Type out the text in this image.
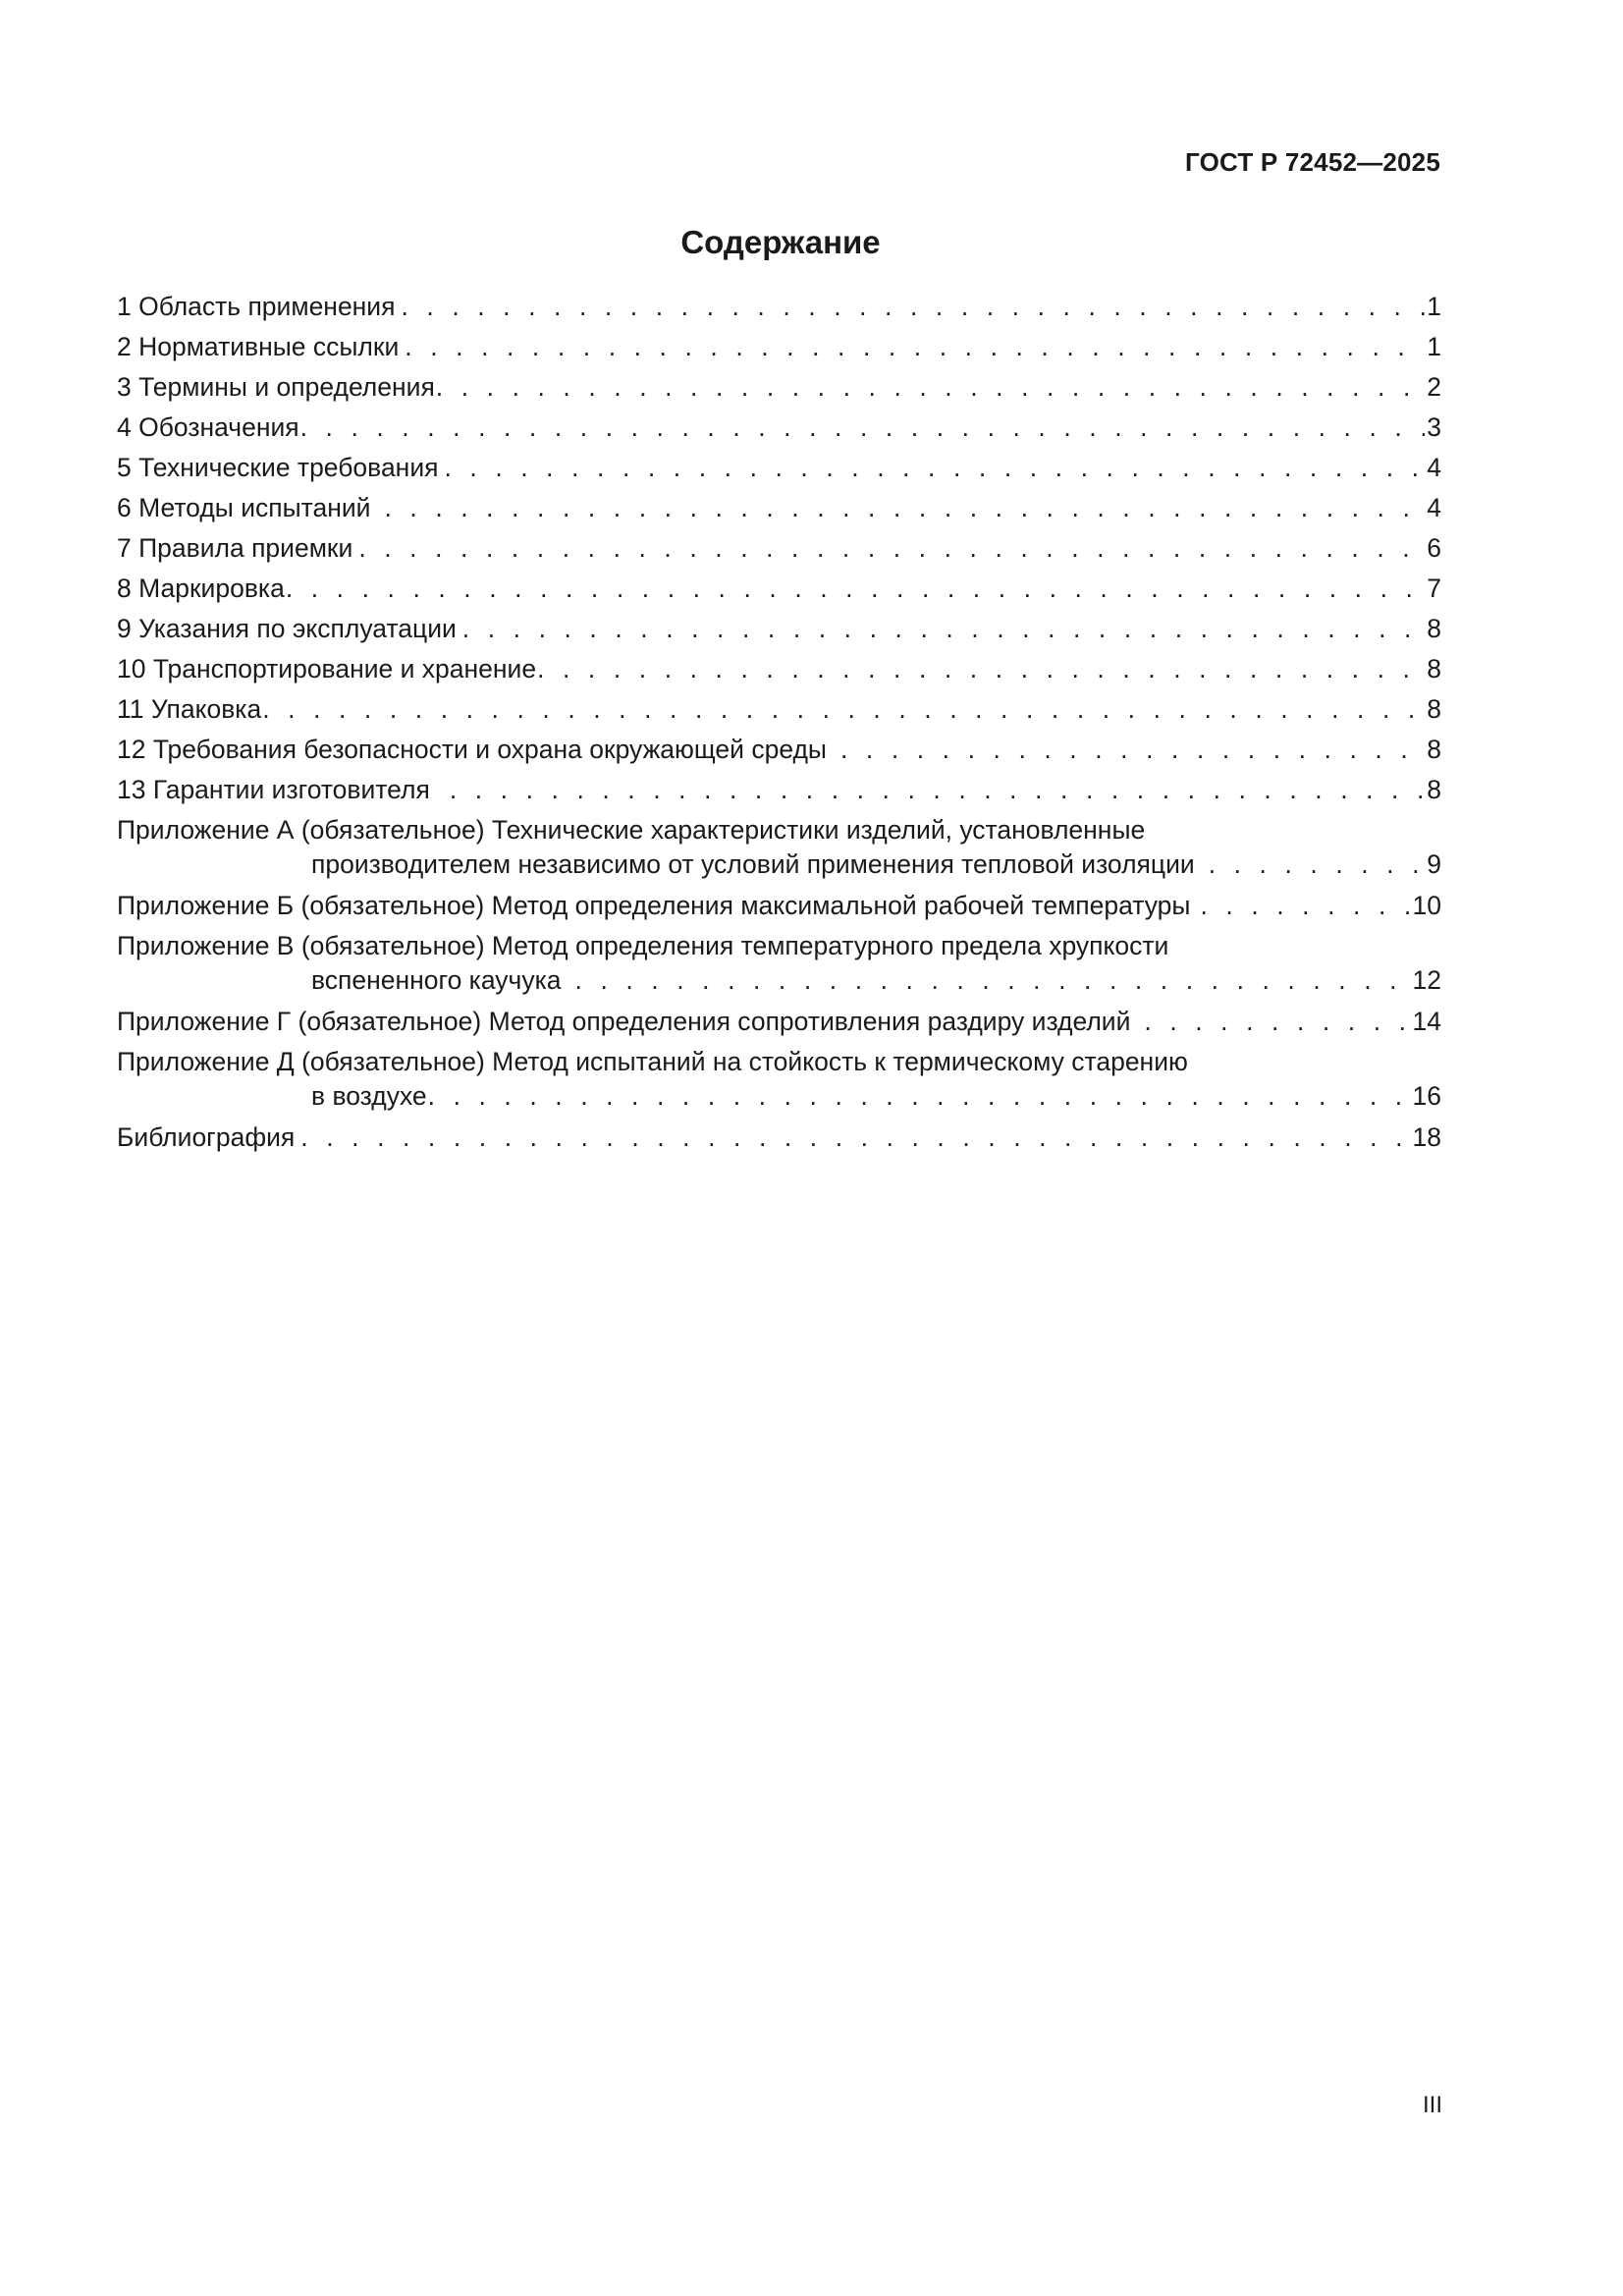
ГОСТ Р 72452—2025
Содержание
1 Область применения . . .	1
2 Нормативные ссылки . . .	1
3 Термины и определения . . .	2
4 Обозначения . . .	3
5 Технические требования . . .	4
6 Методы испытаний . . .	4
7 Правила приемки . . .	6
8 Маркировка . . .	7
9 Указания по эксплуатации . . .	8
10 Транспортирование и хранение . . .	8
11 Упаковка . . .	8
12 Требования безопасности и охрана окружающей среды . . .	8
13 Гарантии изготовителя . . .	8
Приложение А (обязательное) Технические характеристики изделий, установленные
производителем независимо от условий применения тепловой изоляции . . .	9
Приложение Б (обязательное) Метод определения максимальной рабочей температуры . . .	10
Приложение В (обязательное) Метод определения температурного предела хрупкости
вспененного каучука . . .	12
Приложение Г (обязательное) Метод определения сопротивления раздиру изделий . . .	14
Приложение Д (обязательное) Метод испытаний на стойкость к термическому старению
в воздухе . . .	16
Библиография . . .	18
III
